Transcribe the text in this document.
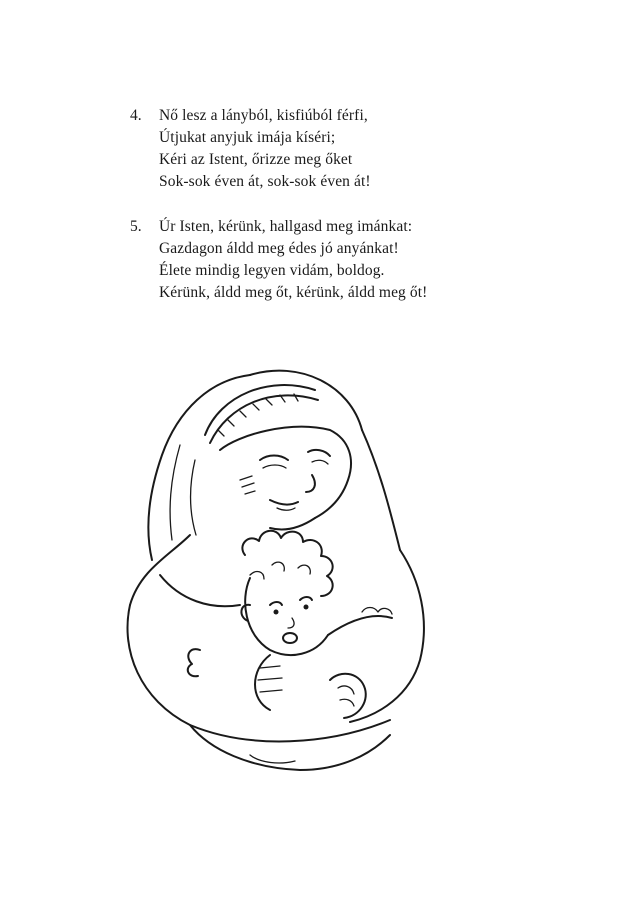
4. Nő lesz a lányból, kisfiúból férfi,
Útjukat anyjuk imája kíséri;
Kéri az Istent, őrizze meg őket
Sok-sok éven át, sok-sok éven át!
5. Úr Isten, kérünk, hallgasd meg imánkat:
Gazdagon áldd meg édes jó anyánkat!
Élete mindig legyen vidám, boldog.
Kérünk, áldd meg őt, kérünk, áldd meg őt!
